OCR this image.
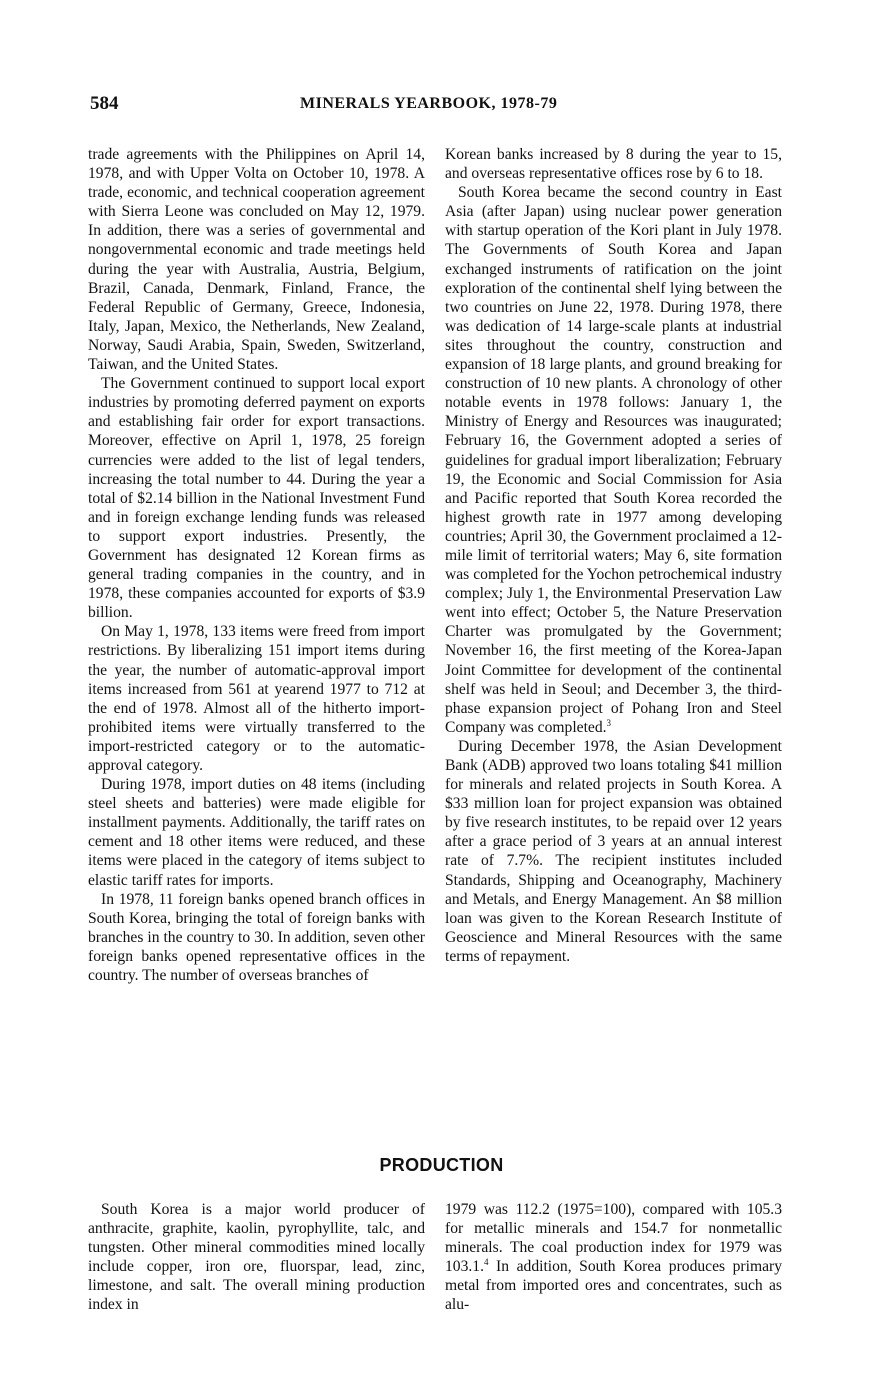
584	MINERALS YEARBOOK, 1978-79

trade agreements with the Philippines on April 14, 1978, and with Upper Volta on October 10, 1978. A trade, economic, and technical cooperation agreement with Sierra Leone was concluded on May 12, 1979. In addition, there was a series of governmental and nongovernmental economic and trade meetings held during the year with Australia, Austria, Belgium, Brazil, Canada, Denmark, Finland, France, the Federal Republic of Germany, Greece, Indonesia, Italy, Japan, Mexico, the Netherlands, New Zealand, Norway, Saudi Arabia, Spain, Sweden, Switzerland, Taiwan, and the United States.

The Government continued to support local export industries by promoting deferred payment on exports and establishing fair order for export transactions. Moreover, effective on April 1, 1978, 25 foreign currencies were added to the list of legal tenders, increasing the total number to 44. During the year a total of $2.14 billion in the National Investment Fund and in foreign exchange lending funds was released to support export industries. Presently, the Government has designated 12 Korean firms as general trading companies in the country, and in 1978, these companies accounted for exports of $3.9 billion.

On May 1, 1978, 133 items were freed from import restrictions. By liberalizing 151 import items during the year, the number of automatic-approval import items increased from 561 at yearend 1977 to 712 at the end of 1978. Almost all of the hitherto import-prohibited items were virtually transferred to the import-restricted category or to the automatic-approval category.

During 1978, import duties on 48 items (including steel sheets and batteries) were made eligible for installment payments. Additionally, the tariff rates on cement and 18 other items were reduced, and these items were placed in the category of items subject to elastic tariff rates for imports.

In 1978, 11 foreign banks opened branch offices in South Korea, bringing the total of foreign banks with branches in the country to 30. In addition, seven other foreign banks opened representative offices in the country. The number of overseas branches of

Korean banks increased by 8 during the year to 15, and overseas representative offices rose by 6 to 18.

South Korea became the second country in East Asia (after Japan) using nuclear power generation with startup operation of the Kori plant in July 1978. The Governments of South Korea and Japan exchanged instruments of ratification on the joint exploration of the continental shelf lying between the two countries on June 22, 1978. During 1978, there was dedication of 14 large-scale plants at industrial sites throughout the country, construction and expansion of 18 large plants, and ground breaking for construction of 10 new plants. A chronology of other notable events in 1978 follows: January 1, the Ministry of Energy and Resources was inaugurated; February 16, the Government adopted a series of guidelines for gradual import liberalization; February 19, the Economic and Social Commission for Asia and Pacific reported that South Korea recorded the highest growth rate in 1977 among developing countries; April 30, the Government proclaimed a 12-mile limit of territorial waters; May 6, site formation was completed for the Yochon petrochemical industry complex; July 1, the Environmental Preservation Law went into effect; October 5, the Nature Preservation Charter was promulgated by the Government; November 16, the first meeting of the Korea-Japan Joint Committee for development of the continental shelf was held in Seoul; and December 3, the third-phase expansion project of Pohang Iron and Steel Company was completed.$^3$

During December 1978, the Asian Development Bank (ADB) approved two loans totaling $41 million for minerals and related projects in South Korea. A $33 million loan for project expansion was obtained by five research institutes, to be repaid over 12 years after a grace period of 3 years at an annual interest rate of 7.7%. The recipient institutes included Standards, Shipping and Oceanography, Machinery and Metals, and Energy Management. An $8 million loan was given to the Korean Research Institute of Geoscience and Mineral Resources with the same terms of repayment.

PRODUCTION

South Korea is a major world producer of anthracite, graphite, kaolin, pyrophyllite, talc, and tungsten. Other mineral commodities mined locally include copper, iron ore, fluorspar, lead, zinc, limestone, and salt. The overall mining production index in

1979 was 112.2 (1975=100), compared with 105.3 for metallic minerals and 154.7 for nonmetallic minerals. The coal production index for 1979 was 103.1.$^4$ In addition, South Korea produces primary metal from imported ores and concentrates, such as alu-
